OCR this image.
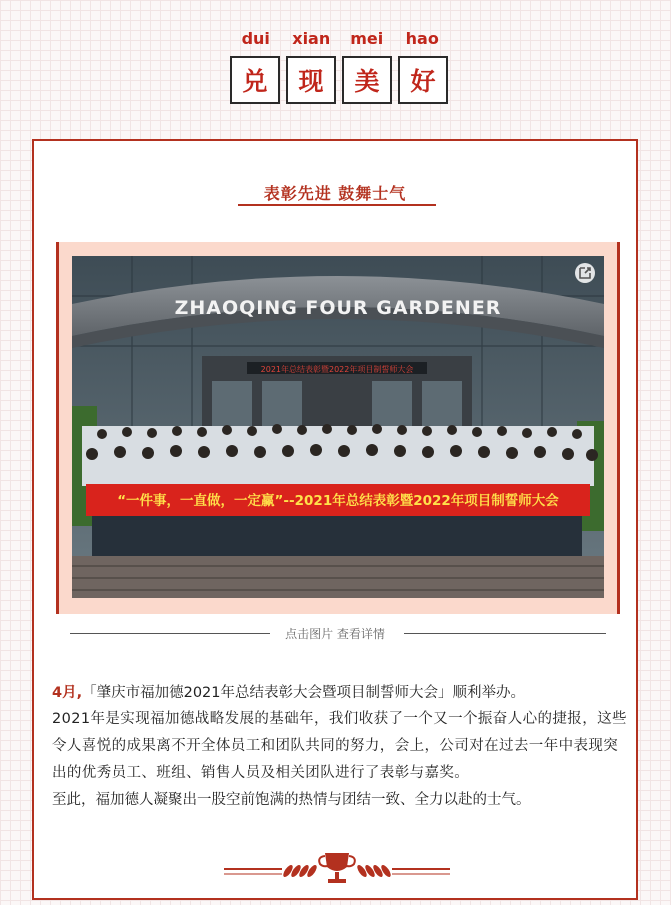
dui	xian	mei	hao
兑	现	美	好
表彰先进 鼓舞士气
ZHAOQING FOUR GARDENER
2021年总结表彰暨2022年项目制誓师大会
“一件事，一直做，一定赢”--2021年总结表彰暨2022年项目制誓师大会
点击图片 查看详情
4月,「肇庆市福加德2021年总结表彰大会暨项目制誓师大会」顺利举办。
2021年是实现福加德战略发展的基础年，我们收获了一个又一个振奋人心的捷报，这些令人喜悦的成果离不开全体员工和团队共同的努力，会上，公司对在过去一年中表现突出的优秀员工、班组、销售人员及相关团队进行了表彰与嘉奖。
至此，福加德人凝聚出一股空前饱满的热情与团结一致、全力以赴的士气。
